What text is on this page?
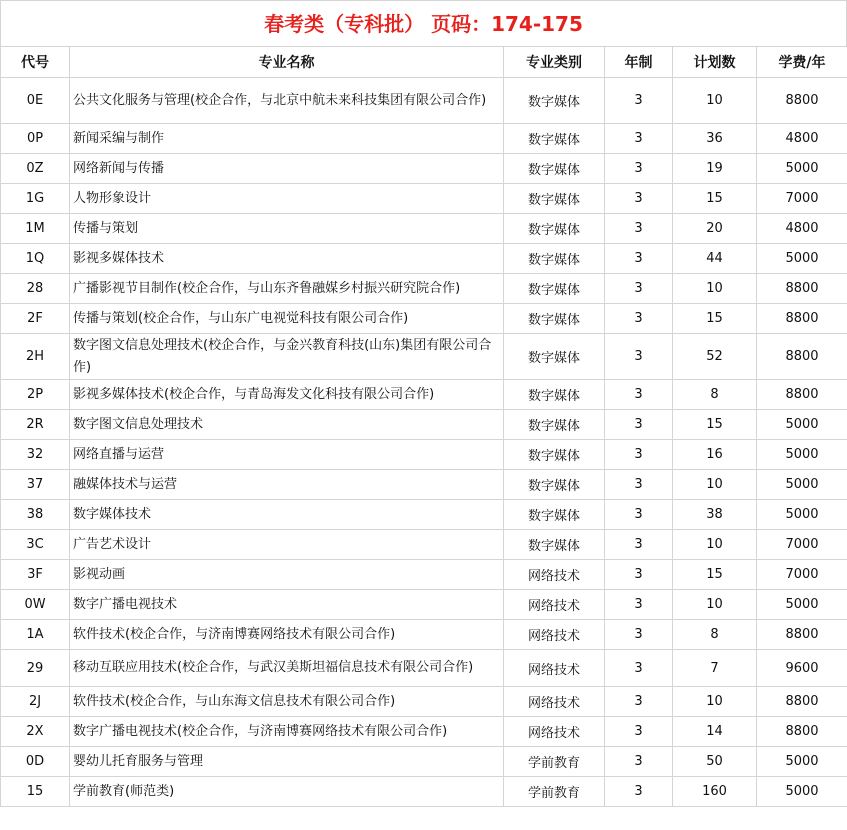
春考类（专科批） 页码：174-175
代号	专业名称	专业类别	年制	计划数	学费/年
0E	公共文化服务与管理(校企合作，与北京中航未来科技集团有限公司合作)	数字媒体	3	10	8800
0P	新闻采编与制作	数字媒体	3	36	4800
0Z	网络新闻与传播	数字媒体	3	19	5000
1G	人物形象设计	数字媒体	3	15	7000
1M	传播与策划	数字媒体	3	20	4800
1Q	影视多媒体技术	数字媒体	3	44	5000
28	广播影视节目制作(校企合作，与山东齐鲁融媒乡村振兴研究院合作)	数字媒体	3	10	8800
2F	传播与策划(校企合作，与山东广电视觉科技有限公司合作)	数字媒体	3	15	8800
2H	数字图文信息处理技术(校企合作，与金兴教育科技(山东)集团有限公司合作)	数字媒体	3	52	8800
2P	影视多媒体技术(校企合作，与青岛海发文化科技有限公司合作)	数字媒体	3	8	8800
2R	数字图文信息处理技术	数字媒体	3	15	5000
32	网络直播与运营	数字媒体	3	16	5000
37	融媒体技术与运营	数字媒体	3	10	5000
38	数字媒体技术	数字媒体	3	38	5000
3C	广告艺术设计	数字媒体	3	10	7000
3F	影视动画	网络技术	3	15	7000
0W	数字广播电视技术	网络技术	3	10	5000
1A	软件技术(校企合作，与济南博赛网络技术有限公司合作)	网络技术	3	8	8800
29	移动互联应用技术(校企合作，与武汉美斯坦福信息技术有限公司合作)	网络技术	3	7	9600
2J	软件技术(校企合作，与山东海文信息技术有限公司合作)	网络技术	3	10	8800
2X	数字广播电视技术(校企合作，与济南博赛网络技术有限公司合作)	网络技术	3	14	8800
0D	婴幼儿托育服务与管理	学前教育	3	50	5000
15	学前教育(师范类)	学前教育	3	160	5000
